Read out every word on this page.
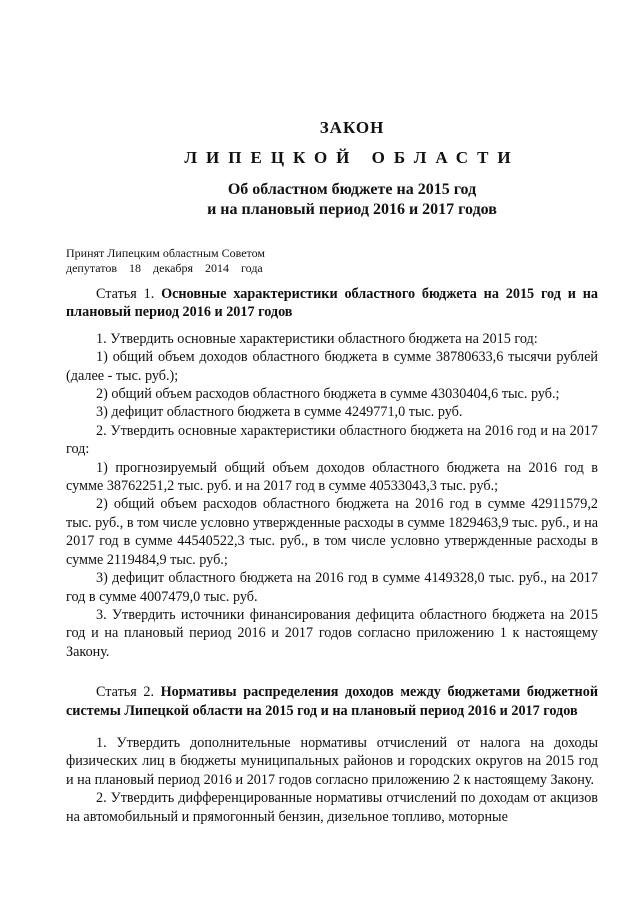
ЗАКОН
ЛИПЕЦКОЙ ОБЛАСТИ
Об областном бюджете на 2015 год
и на плановый период 2016 и 2017 годов
Принят Липецким областным Советом
депутатов 18 декабря 2014 года
Статья 1. Основные характеристики областного бюджета на 2015 год и на плановый период 2016 и 2017 годов

1. Утвердить основные характеристики областного бюджета на 2015 год:

1) общий объем доходов областного бюджета в сумме 38780633,6 тысячи рублей (далее - тыс. руб.);

2) общий объем расходов областного бюджета в сумме 43030404,6 тыс. руб.;

3) дефицит областного бюджета в сумме 4249771,0 тыс. руб.

2. Утвердить основные характеристики областного бюджета на 2016 год и на 2017 год:

1) прогнозируемый общий объем доходов областного бюджета на 2016 год в сумме 38762251,2 тыс. руб. и на 2017 год в сумме 40533043,3 тыс. руб.;

2) общий объем расходов областного бюджета на 2016 год в сумме 42911579,2 тыс. руб., в том числе условно утвержденные расходы в сумме 1829463,9 тыс. руб., и на 2017 год в сумме 44540522,3 тыс. руб., в том числе условно утвержденные расходы в сумме 2119484,9 тыс. руб.;

3) дефицит областного бюджета на 2016 год в сумме 4149328,0 тыс. руб., на 2017 год в сумме 4007479,0 тыс. руб.

3. Утвердить источники финансирования дефицита областного бюджета на 2015 год и на плановый период 2016 и 2017 годов согласно приложению 1 к настоящему Закону.

Статья 2. Нормативы распределения доходов между бюджетами бюджетной системы Липецкой области на 2015 год и на плановый период 2016 и 2017 годов

1. Утвердить дополнительные нормативы отчислений от налога на доходы физических лиц в бюджеты муниципальных районов и городских округов на 2015 год и на плановый период 2016 и 2017 годов согласно приложению 2 к настоящему Закону.

2. Утвердить дифференцированные нормативы отчислений по доходам от акцизов на автомобильный и прямогонный бензин, дизельное топливо, моторные
